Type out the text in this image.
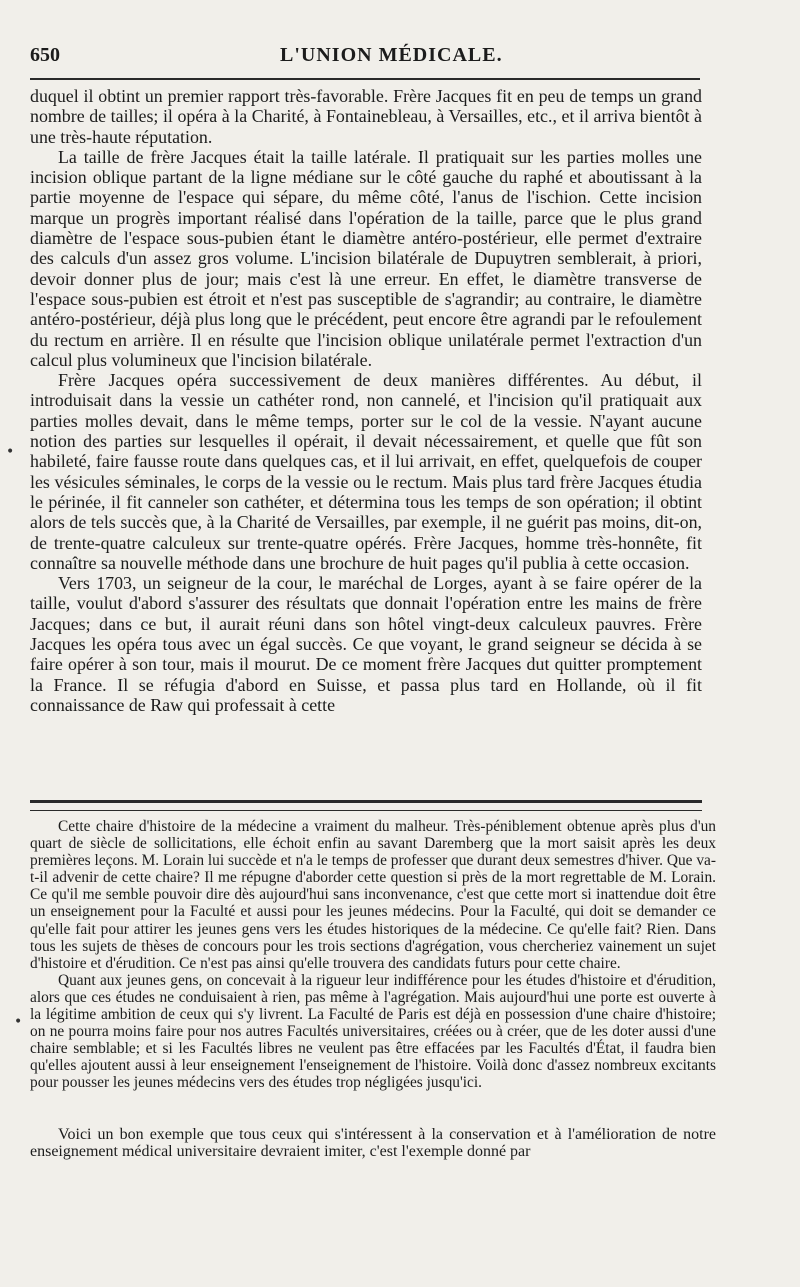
650	L'UNION MÉDICALE.

duquel il obtint un premier rapport très-favorable. Frère Jacques fit en peu de temps un grand nombre de tailles; il opéra à la Charité, à Fontainebleau, à Versailles, etc., et il arriva bientôt à une très-haute réputation.

La taille de frère Jacques était la taille latérale. Il pratiquait sur les parties molles une incision oblique partant de la ligne médiane sur le côté gauche du raphé et aboutissant à la partie moyenne de l'espace qui sépare, du même côté, l'anus de l'ischion. Cette incision marque un progrès important réalisé dans l'opération de la taille, parce que le plus grand diamètre de l'espace sous-pubien étant le diamètre antéro-postérieur, elle permet d'extraire des calculs d'un assez gros volume. L'incision bilatérale de Dupuytren semblerait, à priori, devoir donner plus de jour; mais c'est là une erreur. En effet, le diamètre transverse de l'espace sous-pubien est étroit et n'est pas susceptible de s'agrandir; au contraire, le diamètre antéro-postérieur, déjà plus long que le précédent, peut encore être agrandi par le refoulement du rectum en arrière. Il en résulte que l'incision oblique unilatérale permet l'extraction d'un calcul plus volumineux que l'incision bilatérale.

Frère Jacques opéra successivement de deux manières différentes. Au début, il introduisait dans la vessie un cathéter rond, non cannelé, et l'incision qu'il pratiquait aux parties molles devait, dans le même temps, porter sur le col de la vessie. N'ayant aucune notion des parties sur lesquelles il opérait, il devait nécessairement, et quelle que fût son habileté, faire fausse route dans quelques cas, et il lui arrivait, en effet, quelquefois de couper les vésicules séminales, le corps de la vessie ou le rectum. Mais plus tard frère Jacques étudia le périnée, il fit canneler son cathéter, et détermina tous les temps de son opération; il obtint alors de tels succès que, à la Charité de Versailles, par exemple, il ne guérit pas moins, dit-on, de trente-quatre calculeux sur trente-quatre opérés. Frère Jacques, homme très-honnête, fit connaître sa nouvelle méthode dans une brochure de huit pages qu'il publia à cette occasion.

Vers 1703, un seigneur de la cour, le maréchal de Lorges, ayant à se faire opérer de la taille, voulut d'abord s'assurer des résultats que donnait l'opération entre les mains de frère Jacques; dans ce but, il aurait réuni dans son hôtel vingt-deux calculeux pauvres. Frère Jacques les opéra tous avec un égal succès. Ce que voyant, le grand seigneur se décida à se faire opérer à son tour, mais il mourut. De ce moment frère Jacques dut quitter promptement la France. Il se réfugia d'abord en Suisse, et passa plus tard en Hollande, où il fit connaissance de Raw qui professait à cette

Cette chaire d'histoire de la médecine a vraiment du malheur. Très-péniblement obtenue après plus d'un quart de siècle de sollicitations, elle échoit enfin au savant Daremberg que la mort saisit après les deux premières leçons. M. Lorain lui succède et n'a le temps de professer que durant deux semestres d'hiver. Que va-t-il advenir de cette chaire? Il me répugne d'aborder cette question si près de la mort regrettable de M. Lorain. Ce qu'il me semble pouvoir dire dès aujourd'hui sans inconvenance, c'est que cette mort si inattendue doit être un enseignement pour la Faculté et aussi pour les jeunes médecins. Pour la Faculté, qui doit se demander ce qu'elle fait pour attirer les jeunes gens vers les études historiques de la médecine. Ce qu'elle fait? Rien. Dans tous les sujets de thèses de concours pour les trois sections d'agrégation, vous chercheriez vainement un sujet d'histoire et d'érudition. Ce n'est pas ainsi qu'elle trouvera des candidats futurs pour cette chaire.

Quant aux jeunes gens, on concevait à la rigueur leur indifférence pour les études d'histoire et d'érudition, alors que ces études ne conduisaient à rien, pas même à l'agrégation. Mais aujourd'hui une porte est ouverte à la légitime ambition de ceux qui s'y livrent. La Faculté de Paris est déjà en possession d'une chaire d'histoire; on ne pourra moins faire pour nos autres Facultés universitaires, créées ou à créer, que de les doter aussi d'une chaire semblable; et si les Facultés libres ne veulent pas être effacées par les Facultés d'État, il faudra bien qu'elles ajoutent aussi à leur enseignement l'enseignement de l'histoire. Voilà donc d'assez nombreux excitants pour pousser les jeunes médecins vers des études trop négligées jusqu'ici.

Voici un bon exemple que tous ceux qui s'intéressent à la conservation et à l'amélioration de notre enseignement médical universitaire devraient imiter, c'est l'exemple donné par

•
•
